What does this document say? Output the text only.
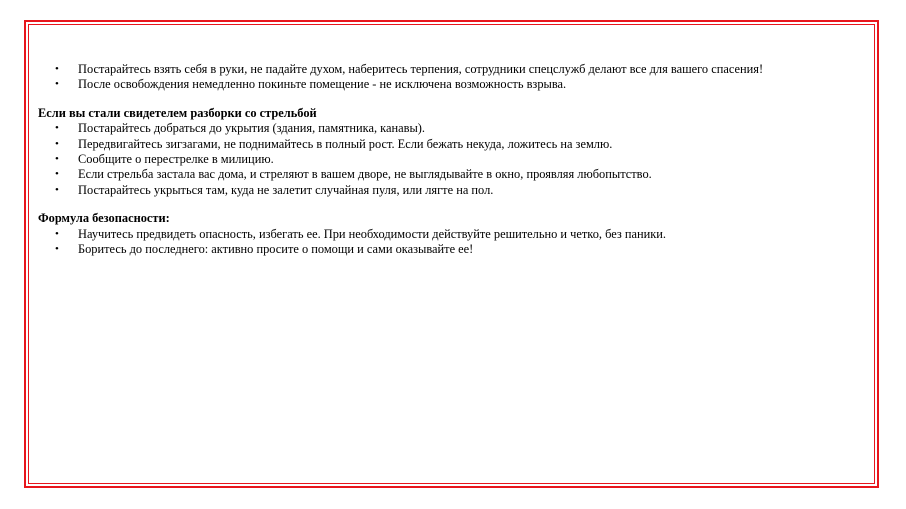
• Постарайтесь взять себя в руки, не падайте духом, наберитесь терпения, сотрудники спецслужб делают все для вашего спасения!
• После освобождения немедленно покиньте помещение - не исключена возможность взрыва.

Если вы стали свидетелем разборки со стрельбой

• Постарайтесь добраться до укрытия (здания, памятника, канавы).
• Передвигайтесь зигзагами, не поднимайтесь в полный рост. Если бежать некуда, ложитесь на землю.
• Сообщите о перестрелке в милицию.
• Если стрельба застала вас дома, и стреляют в вашем дворе, не выглядывайте в окно, проявляя любопытство.
• Постарайтесь укрыться там, куда не залетит случайная пуля, или лягте на пол.

Формула безопасности:

• Научитесь предвидеть опасность, избегать ее. При необходимости действуйте решительно и четко, без паники.
• Боритесь до последнего: активно просите о помощи и сами оказывайте ее!
